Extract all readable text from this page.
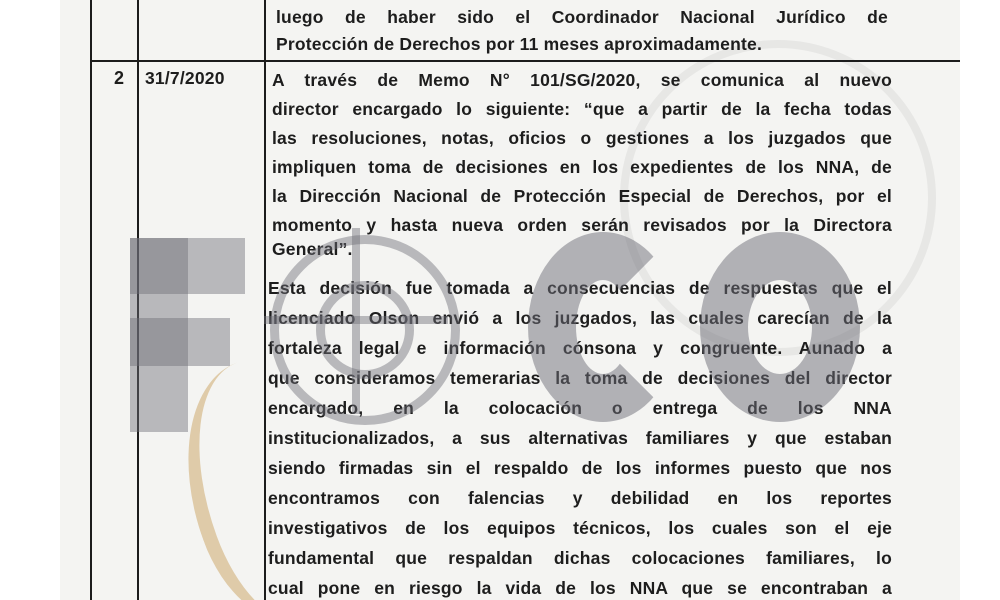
luego de haber sido el Coordinador Nacional Jurídico de
Protección de Derechos por 11 meses aproximadamente.
2 31/7/2020	A través de Memo N° 101/SG/2020, se comunica al nuevo
director encargado lo siguiente: “que a partir de la fecha todas
las resoluciones, notas, oficios o gestiones a los juzgados que
impliquen toma de decisiones en los expedientes de los NNA, de
la Dirección Nacional de Protección Especial de Derechos, por el
momento y hasta nueva orden serán revisados por la Directora
General”.
Esta decisión fue tomada a consecuencias de respuestas que el
licenciado Olson envió a los juzgados, las cuales carecían de la
fortaleza legal e información cónsona y congruente. Aunado a
que consideramos temerarias la toma de decisiones del director
encargado, en la colocación o entrega de los NNA
institucionalizados, a sus alternativas familiares y que estaban
siendo firmadas sin el respaldo de los informes puesto que nos
encontramos con falencias y debilidad en los reportes
investigativos de los equipos técnicos, los cuales son el eje
fundamental que respaldan dichas colocaciones familiares, lo
cual pone en riesgo la vida de los NNA que se encontraban a
